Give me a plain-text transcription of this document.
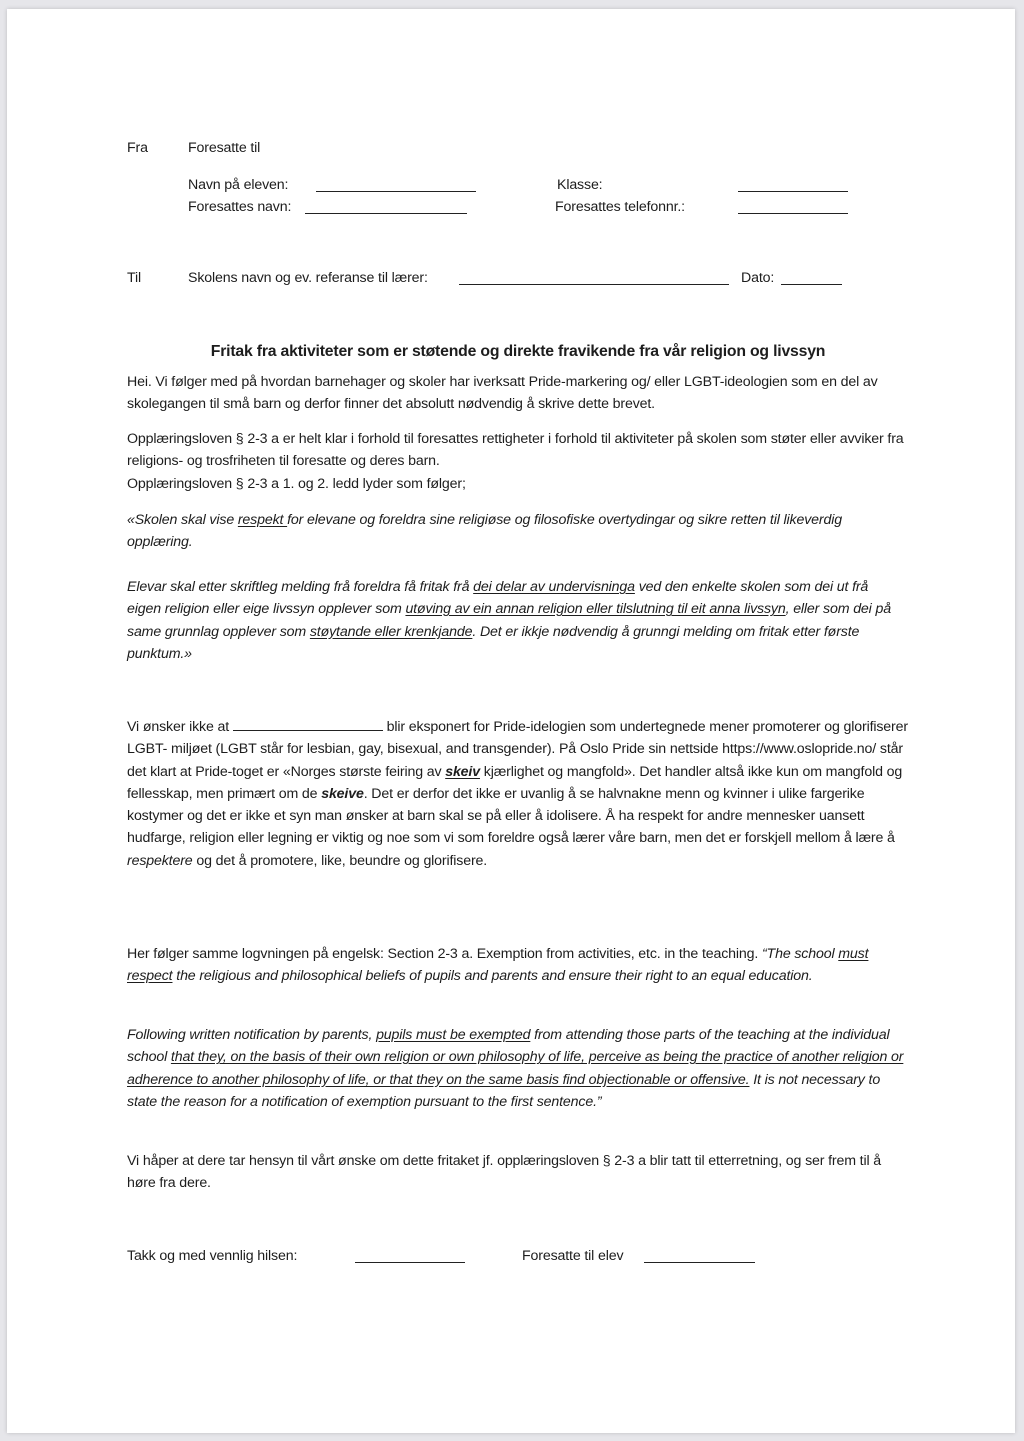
Fra	Foresatte til
Navn på eleven:	Klasse:
Foresattes navn:	Foresattes telefonnr.:
Til	Skolens navn og ev. referanse til lærer:	Dato:
Fritak fra aktiviteter som er støtende og direkte fravikende fra vår religion og livssyn

Hei. Vi følger med på hvordan barnehager og skoler har iverksatt Pride-markering og/ eller LGBT-ideologien som en del av skolegangen til små barn og derfor finner det absolutt nødvendig å skrive dette brevet.

Opplæringsloven § 2-3 a er helt klar i forhold til foresattes rettigheter i forhold til aktiviteter på skolen som støter eller avviker fra religions- og trosfriheten til foresatte og deres barn.
Opplæringsloven § 2-3 a 1. og 2. ledd lyder som følger;

«Skolen skal vise respekt for elevane og foreldra sine religiøse og filosofiske overtydingar og sikre retten til likeverdig opplæring.

Elevar skal etter skriftleg melding frå foreldra få fritak frå dei delar av undervisninga ved den enkelte skolen som dei ut frå eigen religion eller eige livssyn opplever som utøving av ein annan religion eller tilslutning til eit anna livssyn, eller som dei på same grunnlag opplever som støytande eller krenkjande. Det er ikkje nødvendig å grunngi melding om fritak etter første punktum.»

Vi ønsker ikke at	blir eksponert for Pride-idelogien som undertegnede mener promoterer og glorifiserer LGBT- miljøet (LGBT står for lesbian, gay, bisexual, and transgender). På Oslo Pride sin nettside https://www.oslopride.no/ står det klart at Pride-toget er «Norges største feiring av skeiv kjærlighet og mangfold». Det handler altså ikke kun om mangfold og fellesskap, men primært om de skeive. Det er derfor det ikke er uvanlig å se halvnakne menn og kvinner i ulike fargerike kostymer og det er ikke et syn man ønsker at barn skal se på eller å idolisere. Å ha respekt for andre mennesker uansett hudfarge, religion eller legning er viktig og noe som vi som foreldre også lærer våre barn, men det er forskjell mellom å lære å respektere og det å promotere, like, beundre og glorifisere.

Her følger samme logvningen på engelsk: Section 2-3 a. Exemption from activities, etc. in the teaching. “The school must respect the religious and philosophical beliefs of pupils and parents and ensure their right to an equal education.

Following written notification by parents, pupils must be exempted from attending those parts of the teaching at the individual school that they, on the basis of their own religion or own philosophy of life, perceive as being the practice of another religion or adherence to another philosophy of life, or that they on the same basis find objectionable or offensive. It is not necessary to state the reason for a notification of exemption pursuant to the first sentence.”

Vi håper at dere tar hensyn til vårt ønske om dette fritaket jf. opplæringsloven § 2-3 a blir tatt til etterretning, og ser frem til å høre fra dere.

Takk og med vennlig hilsen:	Foresatte til elev
